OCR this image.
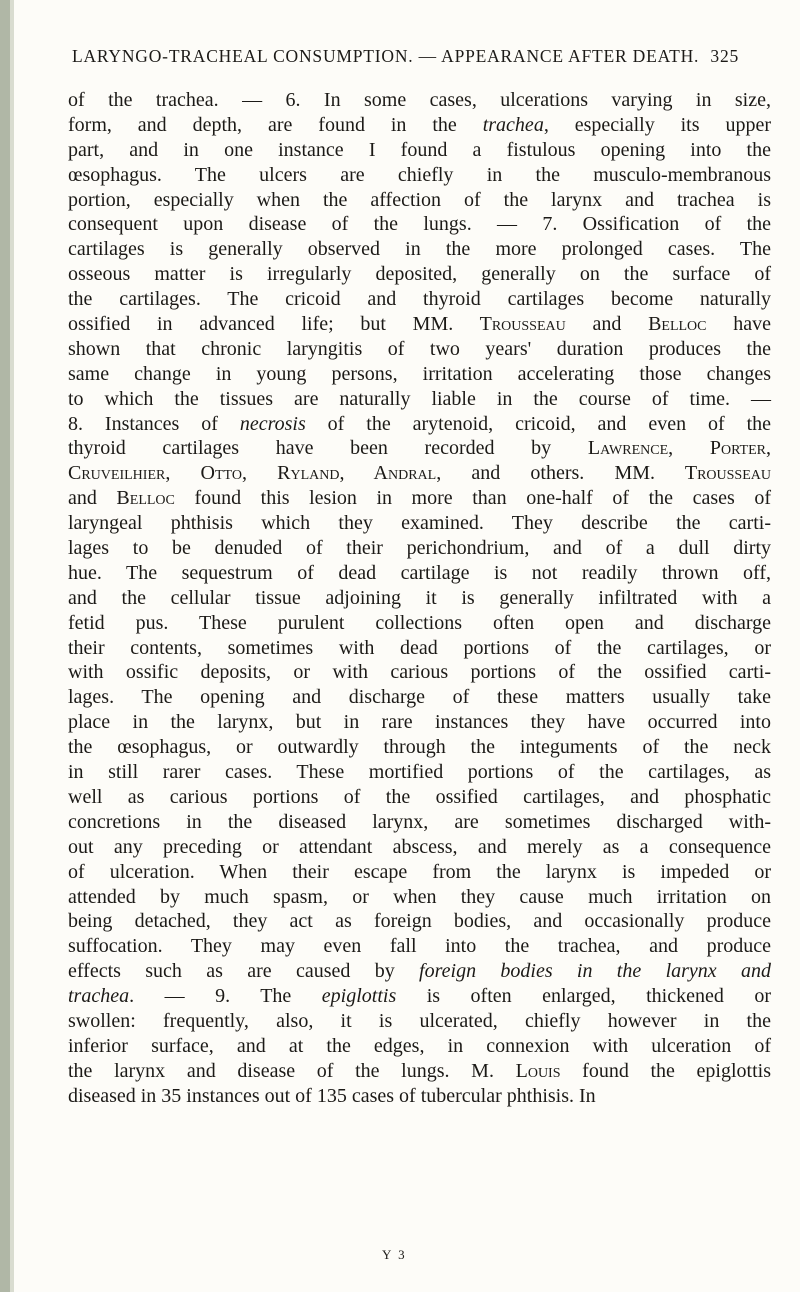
LARYNGO-TRACHEAL CONSUMPTION. — APPEARANCE AFTER DEATH. 325
of the trachea. — 6. In some cases, ulcerations varying in size,
form, and depth, are found in the trachea, especially its upper
part, and in one instance I found a fistulous opening into the
œsophagus. The ulcers are chiefly in the musculo-membranous
portion, especially when the affection of the larynx and trachea is
consequent upon disease of the lungs. — 7. Ossification of the
cartilages is generally observed in the more prolonged cases. The
osseous matter is irregularly deposited, generally on the surface of
the cartilages. The cricoid and thyroid cartilages become naturally
ossified in advanced life; but MM. Trousseau and Belloc have
shown that chronic laryngitis of two years' duration produces the
same change in young persons, irritation accelerating those changes
to which the tissues are naturally liable in the course of time. —
8. Instances of necrosis of the arytenoid, cricoid, and even of the
thyroid cartilages have been recorded by Lawrence, Porter,
Cruveilhier, Otto, Ryland, Andral, and others. MM. Trousseau
and Belloc found this lesion in more than one-half of the cases of
laryngeal phthisis which they examined. They describe the carti-
lages to be denuded of their perichondrium, and of a dull dirty
hue. The sequestrum of dead cartilage is not readily thrown off,
and the cellular tissue adjoining it is generally infiltrated with a
fetid pus. These purulent collections often open and discharge
their contents, sometimes with dead portions of the cartilages, or
with ossific deposits, or with carious portions of the ossified carti-
lages. The opening and discharge of these matters usually take
place in the larynx, but in rare instances they have occurred into
the œsophagus, or outwardly through the integuments of the neck
in still rarer cases. These mortified portions of the cartilages, as
well as carious portions of the ossified cartilages, and phosphatic
concretions in the diseased larynx, are sometimes discharged with-
out any preceding or attendant abscess, and merely as a consequence
of ulceration. When their escape from the larynx is impeded or
attended by much spasm, or when they cause much irritation on
being detached, they act as foreign bodies, and occasionally produce
suffocation. They may even fall into the trachea, and produce
effects such as are caused by foreign bodies in the larynx and
trachea. — 9. The epiglottis is often enlarged, thickened or
swollen: frequently, also, it is ulcerated, chiefly however in the
inferior surface, and at the edges, in connexion with ulceration of
the larynx and disease of the lungs. M. Louis found the epiglottis
diseased in 35 instances out of 135 cases of tubercular phthisis. In
Y 3
